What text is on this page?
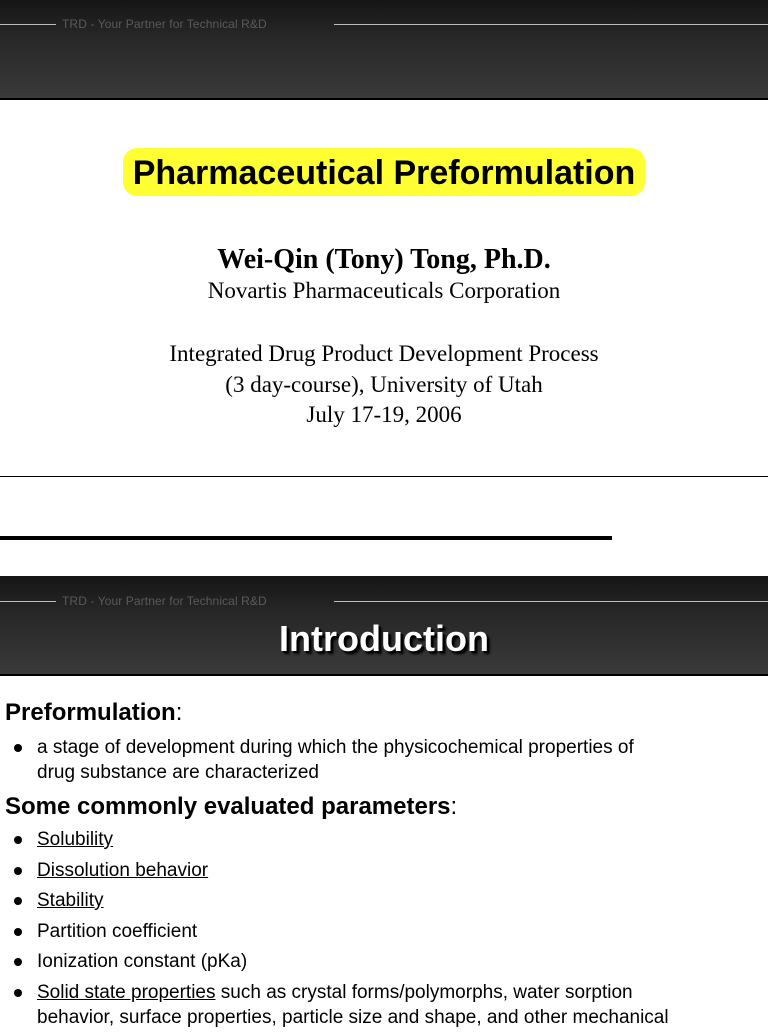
TRD - Your Partner for Technical R&D
Pharmaceutical Preformulation
Wei-Qin (Tony) Tong, Ph.D.
Novartis Pharmaceuticals Corporation
Integrated Drug Product Development Process
(3 day-course), University of Utah
July 17-19, 2006
TRD - Your Partner for Technical R&D
Introduction
Preformulation:
a stage of development during which the physicochemical properties of
drug substance are characterized
Some commonly evaluated parameters:
Solubility
Dissolution behavior
Stability
Partition coefficient
Ionization constant (pKa)
Solid state properties such as crystal forms/polymorphs, water sorption
behavior, surface properties, particle size and shape, and other mechanical
